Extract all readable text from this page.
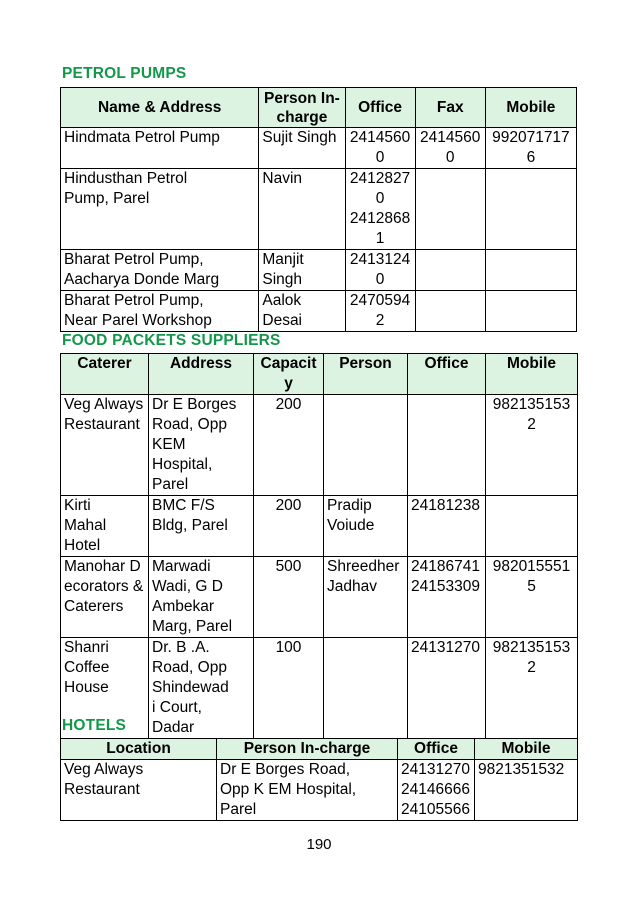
PETROL PUMPS
Name & Address	Person In-charge	Office	Fax	Mobile
Hindmata Petrol Pump	Sujit Singh	24145600	24145600	9920717176

Hindusthan Petrol Pump, Parel	Navin	24128270
24128681		

Bharat Petrol Pump, Aacharya Donde Marg	Manjit Singh	24131240		

Bharat Petrol Pump, Near Parel Workshop	Aalok Desai	24705942		
FOOD PACKETS SUPPLIERS
Caterer	Address	Capacity	Person	Office	Mobile
Veg Always Restaurant	Dr E Borges Road, Opp KEM Hospital, Parel	200			9821351532

Kirti Mahal Hotel	BMC F/S Bldg, Parel	200	Pradip Voiude	24181238	
Manohar Decorators & Caterers	Marwadi Wadi, G D Ambekar Marg, Parel	500	Shreedher Jadhav	24186741
24153309	9820155515

Shanri Coffee House	Dr. B .A. Road, Opp Shindewadi Court, Dadar	100		24131270	9821351532
HOTELS
Location	Person In-charge	Office	Mobile

Veg Always Restaurant	Dr E Borges Road, Opp K EM Hospital, Parel	24131270
24146666
24105566	9821351532
190
